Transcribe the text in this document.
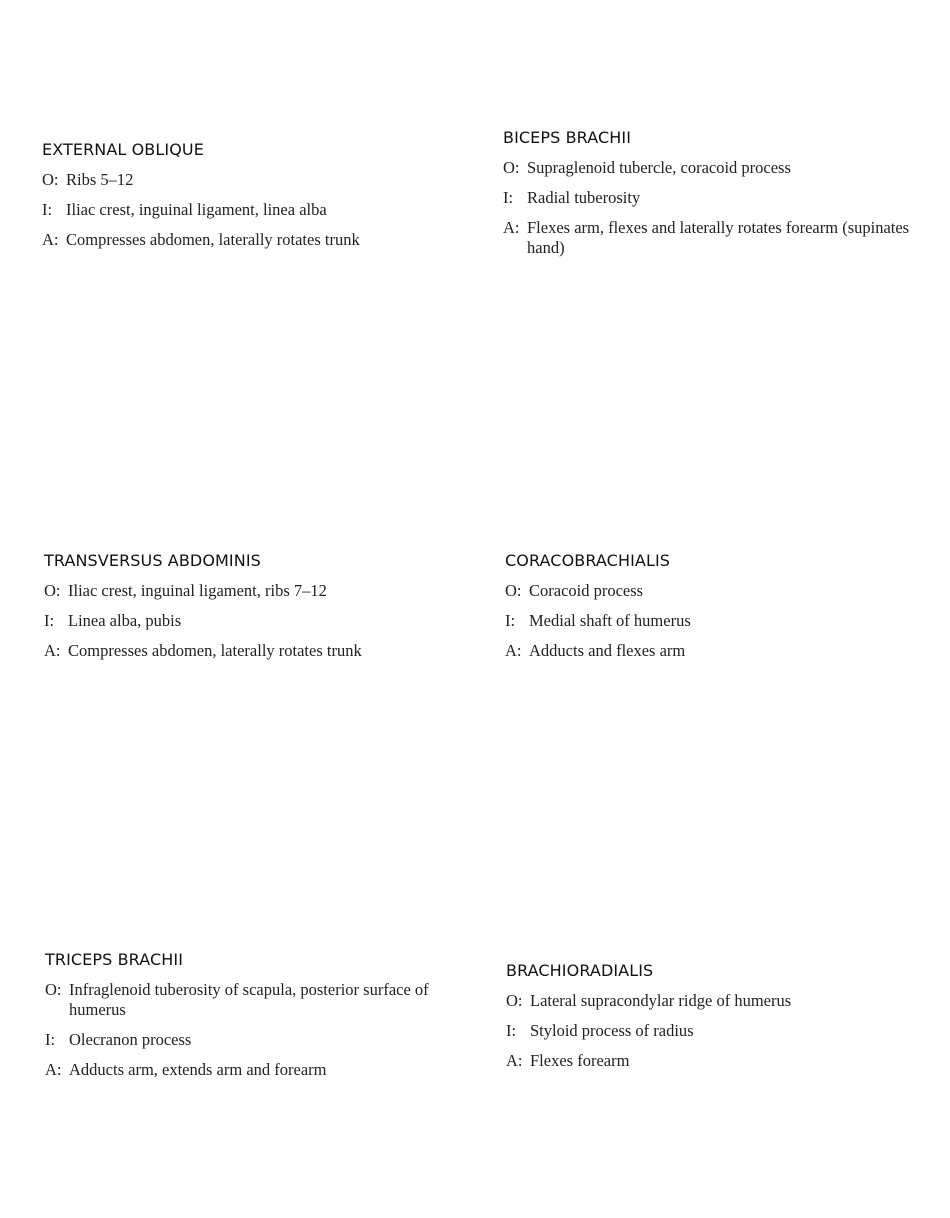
EXTERNAL OBLIQUE
O: Ribs 5–12
I: Iliac crest, inguinal ligament, linea alba
A: Compresses abdomen, laterally rotates trunk
BICEPS BRACHII
O: Supraglenoid tubercle, coracoid process
I: Radial tuberosity
A: Flexes arm, flexes and laterally rotates forearm (supinates hand)
TRANSVERSUS ABDOMINIS
O: Iliac crest, inguinal ligament, ribs 7–12
I: Linea alba, pubis
A: Compresses abdomen, laterally rotates trunk
CORACOBRACHIALIS
O: Coracoid process
I: Medial shaft of humerus
A: Adducts and flexes arm
TRICEPS BRACHII
O: Infraglenoid tuberosity of scapula, posterior surface of humerus
I: Olecranon process
A: Adducts arm, extends arm and forearm
BRACHIORADIALIS
O: Lateral supracondylar ridge of humerus
I: Styloid process of radius
A: Flexes forearm
